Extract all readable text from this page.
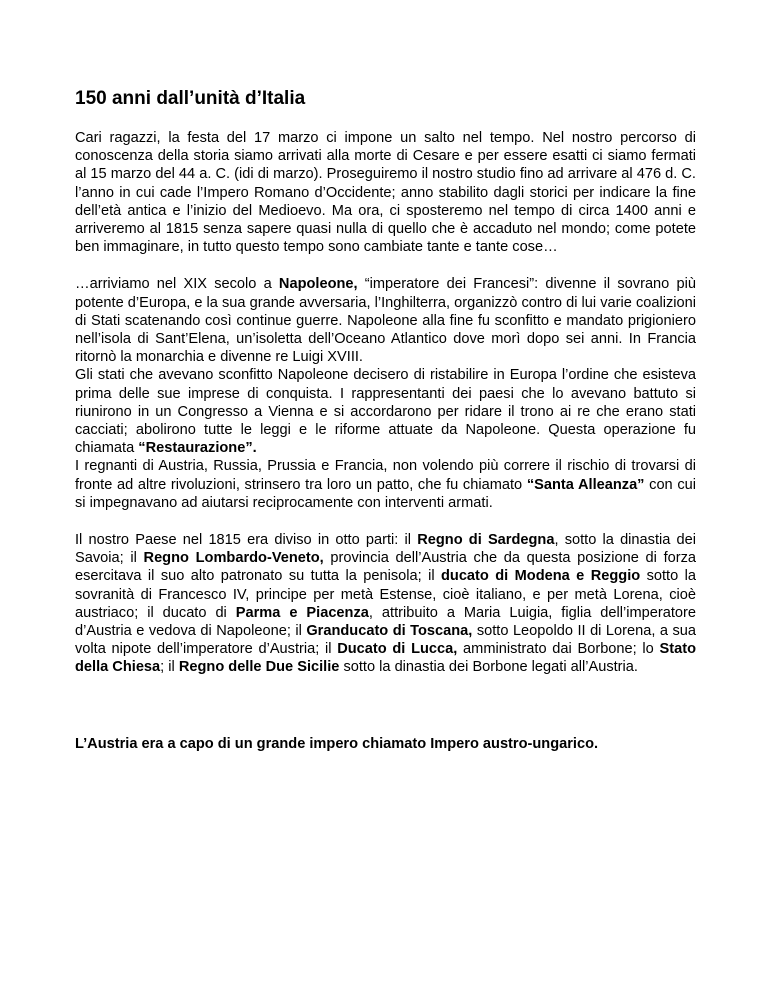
150 anni dall’unità d’Italia

Cari ragazzi, la festa del 17 marzo ci impone un salto nel tempo. Nel nostro percorso di conoscenza della storia siamo arrivati alla morte di Cesare e per essere esatti ci siamo fermati al 15 marzo del 44 a. C. (idi di marzo). Proseguiremo il nostro studio fino ad arrivare al 476 d. C. l’anno in cui cade l’Impero Romano d’Occidente; anno stabilito dagli storici per indicare la fine dell’età antica e l’inizio del Medioevo. Ma ora, ci sposteremo nel tempo di circa 1400 anni e arriveremo al 1815 senza sapere quasi nulla di quello che è accaduto nel mondo; come potete ben immaginare, in tutto questo tempo sono cambiate tante e tante cose…

…arriviamo nel XIX secolo a Napoleone, “imperatore dei Francesi”: divenne il sovrano più potente d’Europa, e la sua grande avversaria, l’Inghilterra, organizzò contro di lui varie coalizioni di Stati scatenando così continue guerre. Napoleone alla fine fu sconfitto e mandato prigioniero nell’isola di Sant’Elena, un’isoletta dell’Oceano Atlantico dove morì dopo sei anni. In Francia ritornò la monarchia e divenne re Luigi XVIII.

Gli stati che avevano sconfitto Napoleone decisero di ristabilire in Europa l’ordine che esisteva prima delle sue imprese di conquista. I rappresentanti dei paesi che lo avevano battuto si riunirono in un Congresso a Vienna e si accordarono per ridare il trono ai re che erano stati cacciati; abolirono tutte le leggi e le riforme attuate da Napoleone. Questa operazione fu chiamata “Restaurazione”.

I regnanti di Austria, Russia, Prussia e Francia, non volendo più correre il rischio di trovarsi di fronte ad altre rivoluzioni, strinsero tra loro un patto, che fu chiamato “Santa Alleanza” con cui si impegnavano ad aiutarsi reciprocamente con interventi armati.

Il nostro Paese nel 1815 era diviso in otto parti: il Regno di Sardegna, sotto la dinastia dei Savoia; il Regno Lombardo-Veneto, provincia dell’Austria che da questa posizione di forza esercitava il suo alto patronato su tutta la penisola; il ducato di Modena e Reggio sotto la sovranità di Francesco IV, principe per metà Estense, cioè italiano, e per metà Lorena, cioè austriaco; il ducato di Parma e Piacenza, attribuito a Maria Luigia, figlia dell’imperatore d’Austria e vedova di Napoleone; il Granducato di Toscana, sotto Leopoldo II di Lorena, a sua volta nipote dell’imperatore d’Austria; il Ducato di Lucca, amministrato dai Borbone; lo Stato della Chiesa; il Regno delle Due Sicilie sotto la dinastia dei Borbone legati all’Austria.

L’Austria era a capo di un grande impero chiamato Impero austro-ungarico.
